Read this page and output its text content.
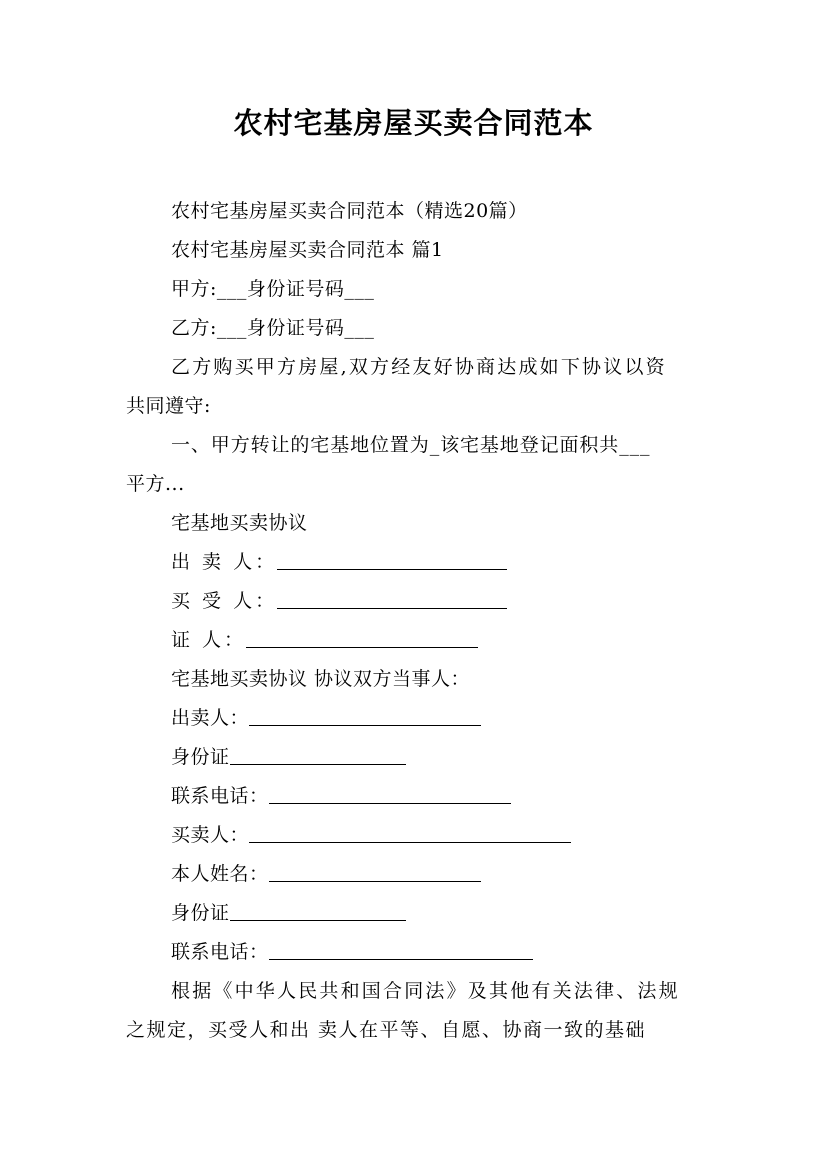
农村宅基房屋买卖合同范本
农村宅基房屋买卖合同范本（精选20篇）
农村宅基房屋买卖合同范本 篇1
甲方:___身份证号码___
乙方:___身份证号码___
乙方购买甲方房屋,双方经友好协商达成如下协议以资
共同遵守:
一、甲方转让的宅基地位置为_该宅基地登记面积共___
平方...
宅基地买卖协议
出 卖 人：
买 受 人：
证 人：
宅基地买卖协议 协议双方当事人：
出卖人：
身份证
联系电话：
买卖人：
本人姓名：
身份证
联系电话：
根据《中华人民共和国合同法》及其他有关法律、法规
之规定，买受人和出 卖人在平等、自愿、协商一致的基础
